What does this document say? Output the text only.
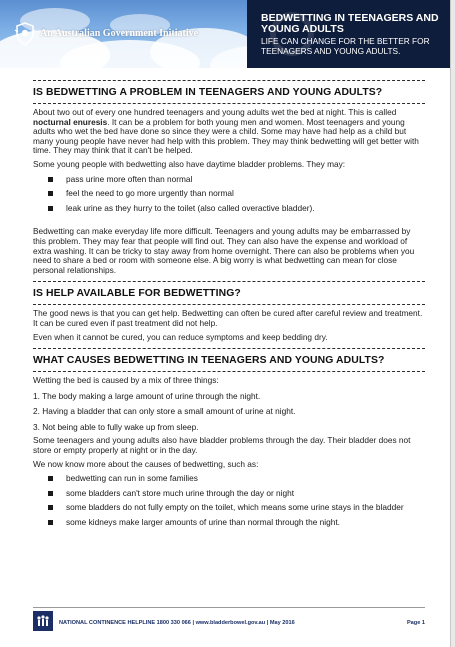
An Australian Government Initiative
BEDWETTING IN TEENAGERS AND YOUNG ADULTS
LIFE CAN CHANGE FOR THE BETTER FOR TEENAGERS AND YOUNG ADULTS.
IS BEDWETTING A PROBLEM IN TEENAGERS AND YOUNG ADULTS?

About two out of every one hundred teenagers and young adults wet the bed at night. This is called nocturnal enuresis. It can be a problem for both young men and women. Most teenagers and young adults who wet the bed have done so since they were a child. Some may have had help as a child but many young people have never had help with this problem. They may think bedwetting will get better with time. They may think that it can't be helped.

Some young people with bedwetting also have daytime bladder problems. They may:

pass urine more often than normal
feel the need to go more urgently than normal
leak urine as they hurry to the toilet (also called overactive bladder).

Bedwetting can make everyday life more difficult. Teenagers and young adults may be embarrassed by this problem. They may fear that people will find out. They can also have the expense and workload of extra washing. It can be tricky to stay away from home overnight. There can also be problems when you need to share a bed or room with someone else. A big worry is what bedwetting can mean for close personal relationships.

IS HELP AVAILABLE FOR BEDWETTING?

The good news is that you can get help. Bedwetting can often be cured after careful review and treatment. It can be cured even if past treatment did not help.

Even when it cannot be cured, you can reduce symptoms and keep bedding dry.

WHAT CAUSES BEDWETTING IN TEENAGERS AND YOUNG ADULTS?

Wetting the bed is caused by a mix of three things:

1. The body making a large amount of urine through the night.
2. Having a bladder that can only store a small amount of urine at night.
3. Not being able to fully wake up from sleep.

Some teenagers and young adults also have bladder problems through the day. Their bladder does not store or empty properly at night or in the day.

We now know more about the causes of bedwetting, such as:

bedwetting can run in some families
some bladders can't store much urine through the day or night
some bladders do not fully empty on the toilet, which means some urine stays in the bladder
some kidneys make larger amounts of urine than normal through the night.
NATIONAL CONTINENCE HELPLINE 1800 330 066 | www.bladderbowel.gov.au | May 2016	Page 1
